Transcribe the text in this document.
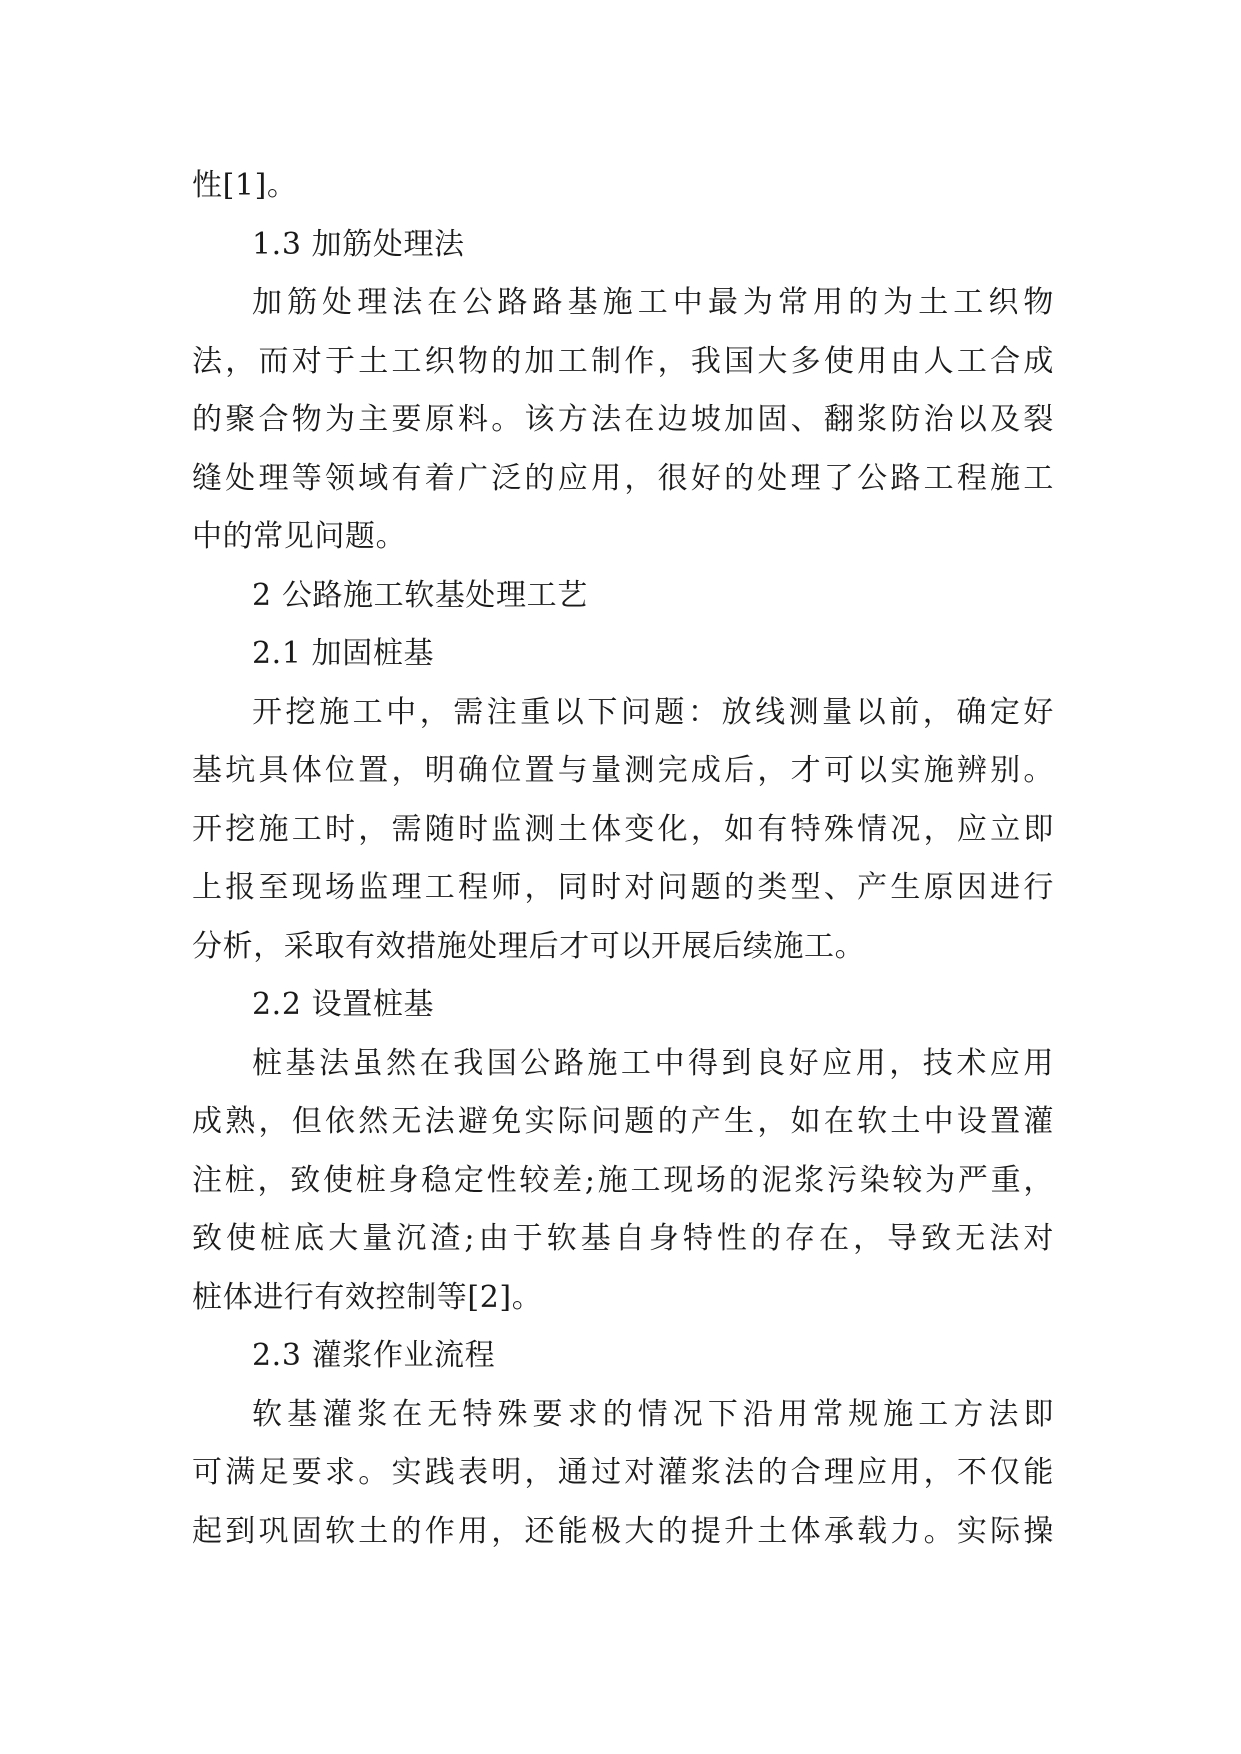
性[1]。
1.3 加筋处理法
加筋处理法在公路路基施工中最为常用的为土工织物
法，而对于土工织物的加工制作，我国大多使用由人工合成
的聚合物为主要原料。该方法在边坡加固、翻浆防治以及裂
缝处理等领域有着广泛的应用，很好的处理了公路工程施工
中的常见问题。
2 公路施工软基处理工艺
2.1 加固桩基
开挖施工中，需注重以下问题：放线测量以前，确定好
基坑具体位置，明确位置与量测完成后，才可以实施辨别。
开挖施工时，需随时监测土体变化，如有特殊情况，应立即
上报至现场监理工程师，同时对问题的类型、产生原因进行
分析，采取有效措施处理后才可以开展后续施工。
2.2 设置桩基
桩基法虽然在我国公路施工中得到良好应用，技术应用
成熟，但依然无法避免实际问题的产生，如在软土中设置灌
注桩，致使桩身稳定性较差;施工现场的泥浆污染较为严重，
致使桩底大量沉渣;由于软基自身特性的存在，导致无法对
桩体进行有效控制等[2]。
2.3 灌浆作业流程
软基灌浆在无特殊要求的情况下沿用常规施工方法即
可满足要求。实践表明，通过对灌浆法的合理应用，不仅能
起到巩固软土的作用，还能极大的提升土体承载力。实际操
